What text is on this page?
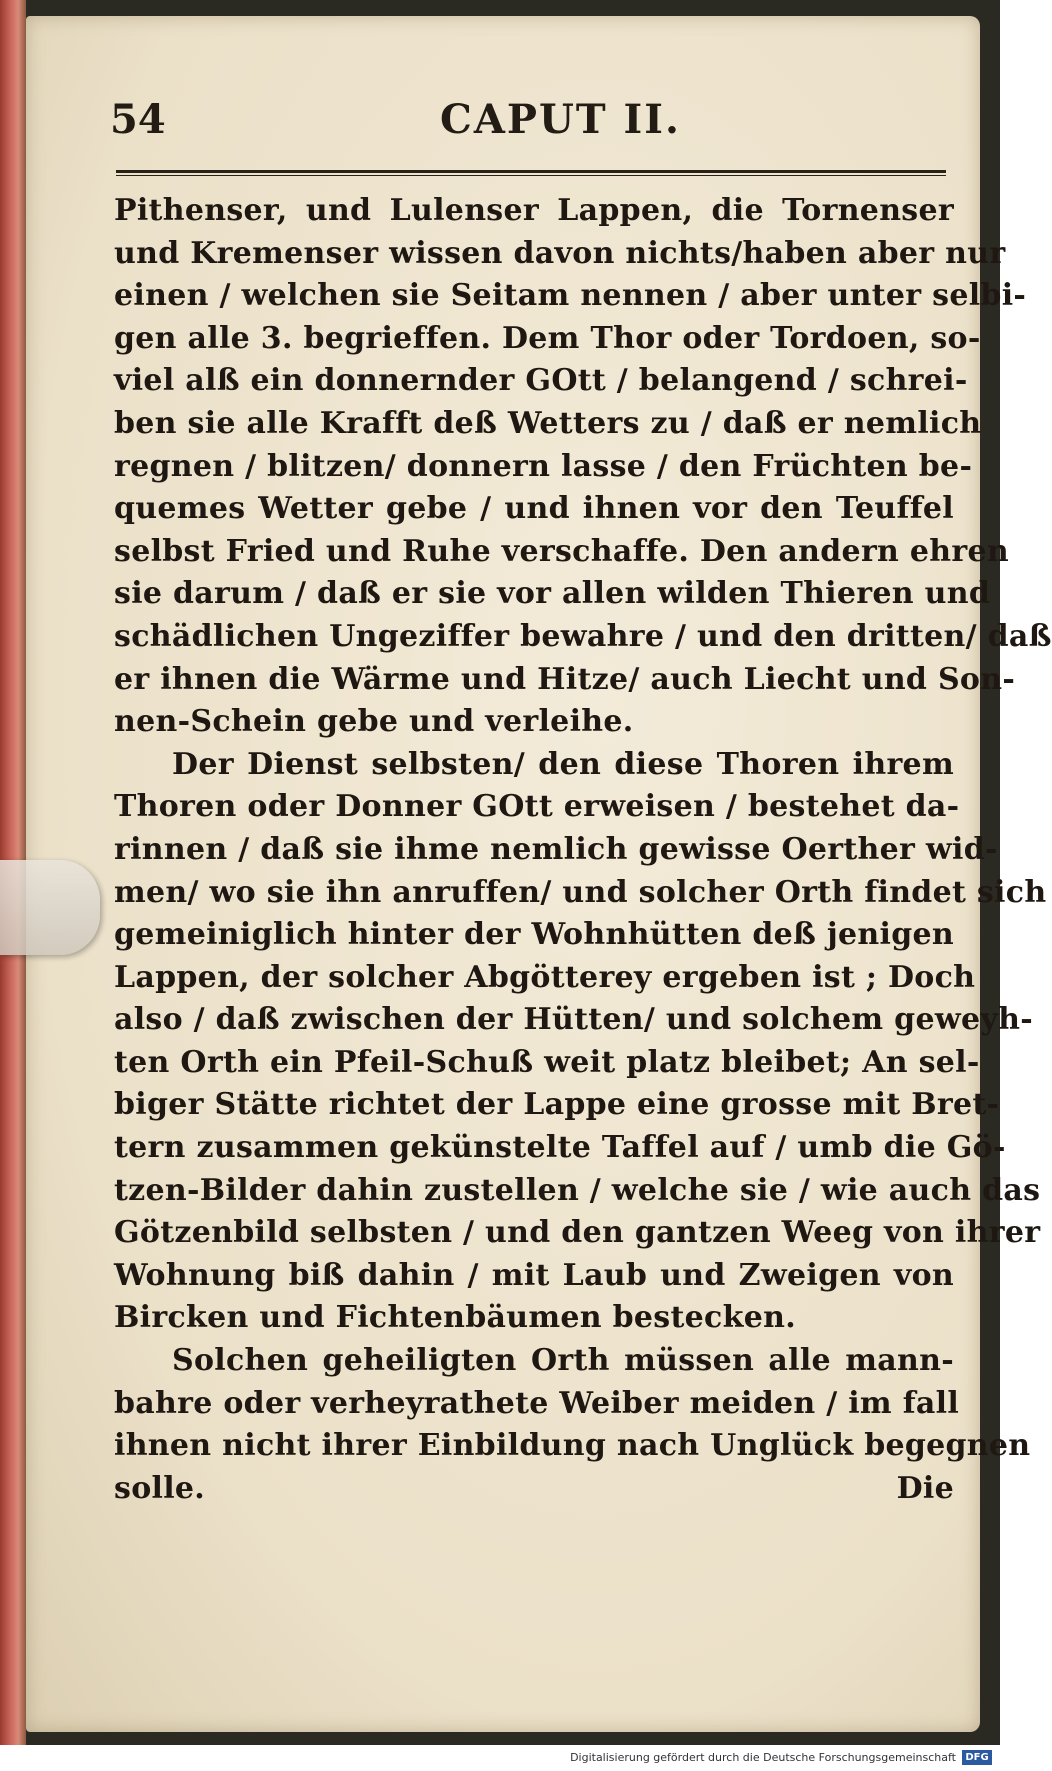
54	CAPUT II.
Pithenser, und Lulenser Lappen, die Tornenser
und Kremenser wissen davon nichts/haben aber nur
einen / welchen sie Seitam nennen / aber unter selbi-
gen alle 3. begrieffen. Dem Thor oder Tordoen, so-
viel alß ein donnernder GOtt / belangend / schrei-
ben sie alle Krafft deß Wetters zu / daß er nemlich
regnen / blitzen/ donnern lasse / den Früchten be-
quemes Wetter gebe / und ihnen vor den Teuffel
selbst Fried und Ruhe verschaffe. Den andern ehren
sie darum / daß er sie vor allen wilden Thieren und
schädlichen Ungeziffer bewahre / und den dritten/ daß
er ihnen die Wärme und Hitze/ auch Liecht und Son-
nen-Schein gebe und verleihe.
Der Dienst selbsten/ den diese Thoren ihrem
Thoren oder Donner GOtt erweisen / bestehet da-
rinnen / daß sie ihme nemlich gewisse Oerther wid-
men/ wo sie ihn anruffen/ und solcher Orth findet sich
gemeiniglich hinter der Wohnhütten deß jenigen
Lappen, der solcher Abgötterey ergeben ist ; Doch
also / daß zwischen der Hütten/ und solchem geweyh-
ten Orth ein Pfeil-Schuß weit platz bleibet; An sel-
biger Stätte richtet der Lappe eine grosse mit Bret-
tern zusammen gekünstelte Taffel auf / umb die Gö-
tzen-Bilder dahin zustellen / welche sie / wie auch das
Götzenbild selbsten / und den gantzen Weeg von ihrer
Wohnung biß dahin / mit Laub und Zweigen von
Bircken und Fichtenbäumen bestecken.
Solchen geheiligten Orth müssen alle mann-
bahre oder verheyrathete Weiber meiden / im fall
ihnen nicht ihrer Einbildung nach Unglück begegnen
solle.	Die
Digitalisierung gefördert durch die Deutsche Forschungsgemeinschaft DFG
